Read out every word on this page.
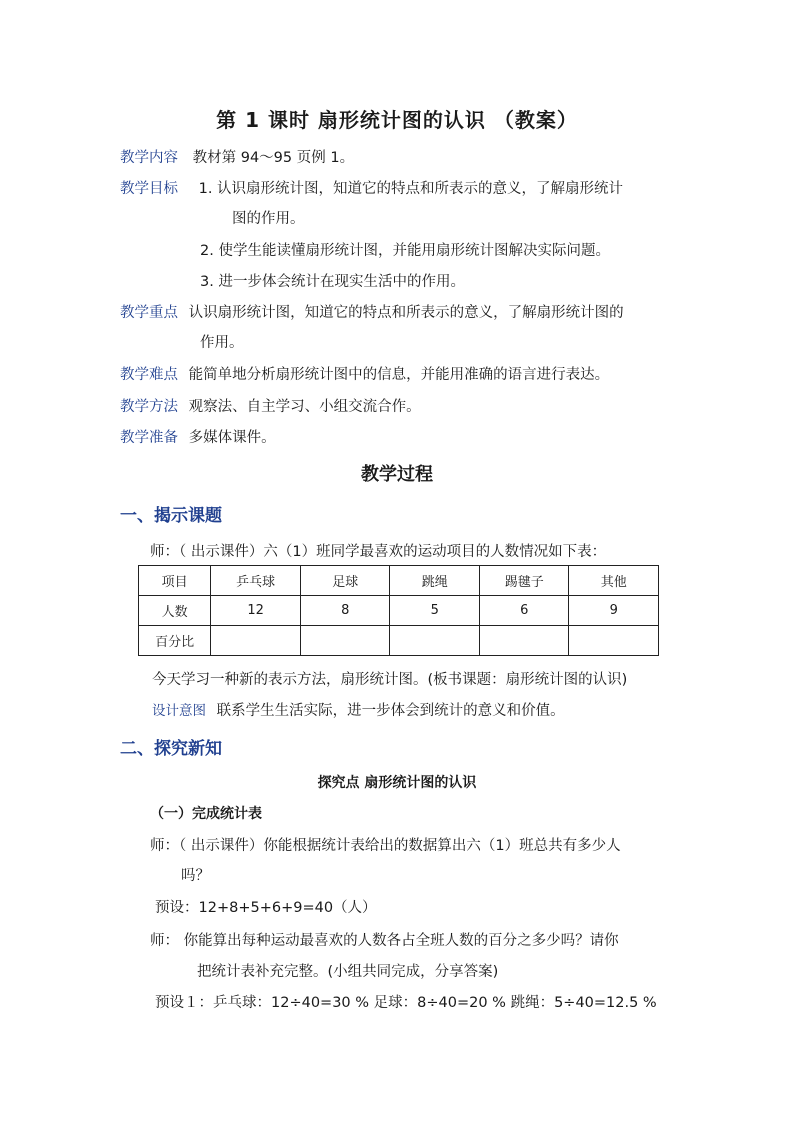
第 1 课时 扇形统计图的认识 （教案）
教学内容 教材第 94～95 页例 1。
教学目标 1. 认识扇形统计图，知道它的特点和所表示的意义，了解扇形统计
图的作用。
2. 使学生能读懂扇形统计图，并能用扇形统计图解决实际问题。
3. 进一步体会统计在现实生活中的作用。
教学重点 认识扇形统计图，知道它的特点和所表示的意义，了解扇形统计图的
作用。
教学难点 能简单地分析扇形统计图中的信息，并能用准确的语言进行表达。
教学方法 观察法、自主学习、小组交流合作。
教学准备 多媒体课件。
教学过程
一、揭示课题
师：（ 出示课件）六（1）班同学最喜欢的运动项目的人数情况如下表：
项目	乒乓球	足球	跳绳	踢毽子	其他
人数	12	8	5	6	9
百分比					
今天学习一种新的表示方法，扇形统计图。(板书课题：扇形统计图的认识)
设计意图 联系学生生活实际，进一步体会到统计的意义和价值。
二、探究新知
探究点 扇形统计图的认识
（一）完成统计表
师：（ 出示课件）你能根据统计表给出的数据算出六（1）班总共有多少人
吗？
预设：12+8+5+6+9=40（人）
师： 你能算出每种运动最喜欢的人数各占全班人数的百分之多少吗？请你
把统计表补充完整。(小组共同完成，分享答案)
预设１：乒乓球：12÷40=30 % 足球：8÷40=20 % 跳绳：5÷40=12.5 %
